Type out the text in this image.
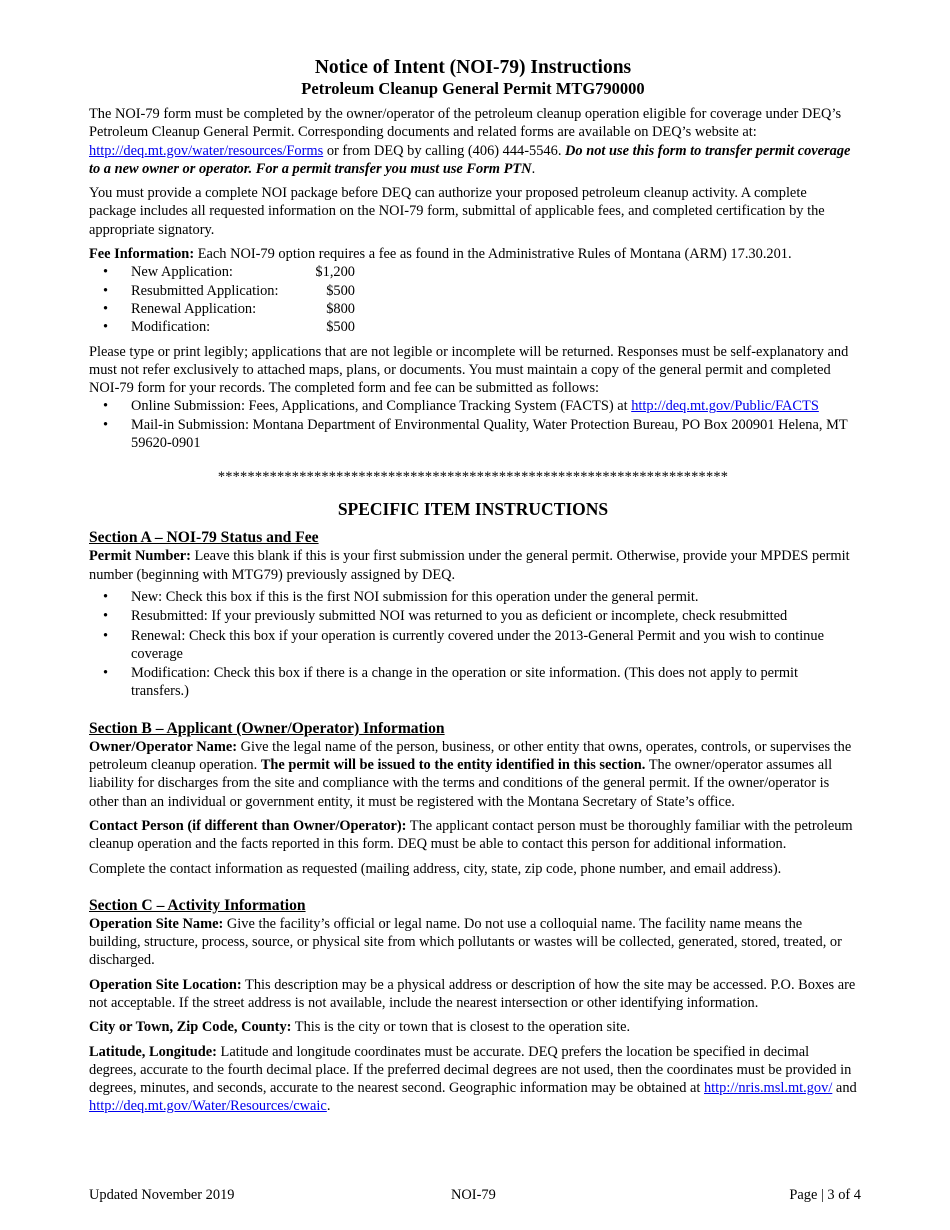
Notice of Intent (NOI-79) Instructions
Petroleum Cleanup General Permit MTG790000

The NOI-79 form must be completed by the owner/operator of the petroleum cleanup operation eligible for coverage under DEQ’s Petroleum Cleanup General Permit. Corresponding documents and related forms are available on DEQ’s website at: http://deq.mt.gov/water/resources/Forms or from DEQ by calling (406) 444-5546. Do not use this form to transfer permit coverage to a new owner or operator. For a permit transfer you must use Form PTN.

You must provide a complete NOI package before DEQ can authorize your proposed petroleum cleanup activity. A complete package includes all requested information on the NOI-79 form, submittal of applicable fees, and completed certification by the appropriate signatory.

Fee Information: Each NOI-79 option requires a fee as found in the Administrative Rules of Montana (ARM) 17.30.201.

• New Application:	$1,200
• Resubmitted Application:	$500
• Renewal Application:	$800
• Modification:	$500

Please type or print legibly; applications that are not legible or incomplete will be returned. Responses must be self-explanatory and must not refer exclusively to attached maps, plans, or documents. You must maintain a copy of the general permit and completed NOI-79 form for your records. The completed form and fee can be submitted as follows:

• Online Submission: Fees, Applications, and Compliance Tracking System (FACTS) at http://deq.mt.gov/Public/FACTS
• Mail-in Submission: Montana Department of Environmental Quality, Water Protection Bureau, PO Box 200901 Helena, MT 59620-0901
*********************************************************************
SPECIFIC ITEM INSTRUCTIONS
Section A – NOI-79 Status and Fee

Permit Number: Leave this blank if this is your first submission under the general permit. Otherwise, provide your MPDES permit number (beginning with MTG79) previously assigned by DEQ.

• New: Check this box if this is the first NOI submission for this operation under the general permit.
• Resubmitted: If your previously submitted NOI was returned to you as deficient or incomplete, check resubmitted
• Renewal: Check this box if your operation is currently covered under the 2013-General Permit and you wish to continue coverage
• Modification: Check this box if there is a change in the operation or site information. (This does not apply to permit transfers.)
Section B – Applicant (Owner/Operator) Information

Owner/Operator Name: Give the legal name of the person, business, or other entity that owns, operates, controls, or supervises the petroleum cleanup operation. The permit will be issued to the entity identified in this section. The owner/operator assumes all liability for discharges from the site and compliance with the terms and conditions of the general permit. If the owner/operator is other than an individual or government entity, it must be registered with the Montana Secretary of State’s office.

Contact Person (if different than Owner/Operator): The applicant contact person must be thoroughly familiar with the petroleum cleanup operation and the facts reported in this form. DEQ must be able to contact this person for additional information.

Complete the contact information as requested (mailing address, city, state, zip code, phone number, and email address).

Section C – Activity Information

Operation Site Name: Give the facility’s official or legal name. Do not use a colloquial name. The facility name means the building, structure, process, source, or physical site from which pollutants or wastes will be collected, generated, stored, treated, or discharged.

Operation Site Location: This description may be a physical address or description of how the site may be accessed. P.O. Boxes are not acceptable. If the street address is not available, include the nearest intersection or other identifying information.

City or Town, Zip Code, County: This is the city or town that is closest to the operation site.

Latitude, Longitude: Latitude and longitude coordinates must be accurate. DEQ prefers the location be specified in decimal degrees, accurate to the fourth decimal place. If the preferred decimal degrees are not used, then the coordinates must be provided in degrees, minutes, and seconds, accurate to the nearest second. Geographic information may be obtained at http://nris.msl.mt.gov/ and http://deq.mt.gov/Water/Resources/cwaic.

Updated November 2019	NOI-79	Page | 3 of 4
